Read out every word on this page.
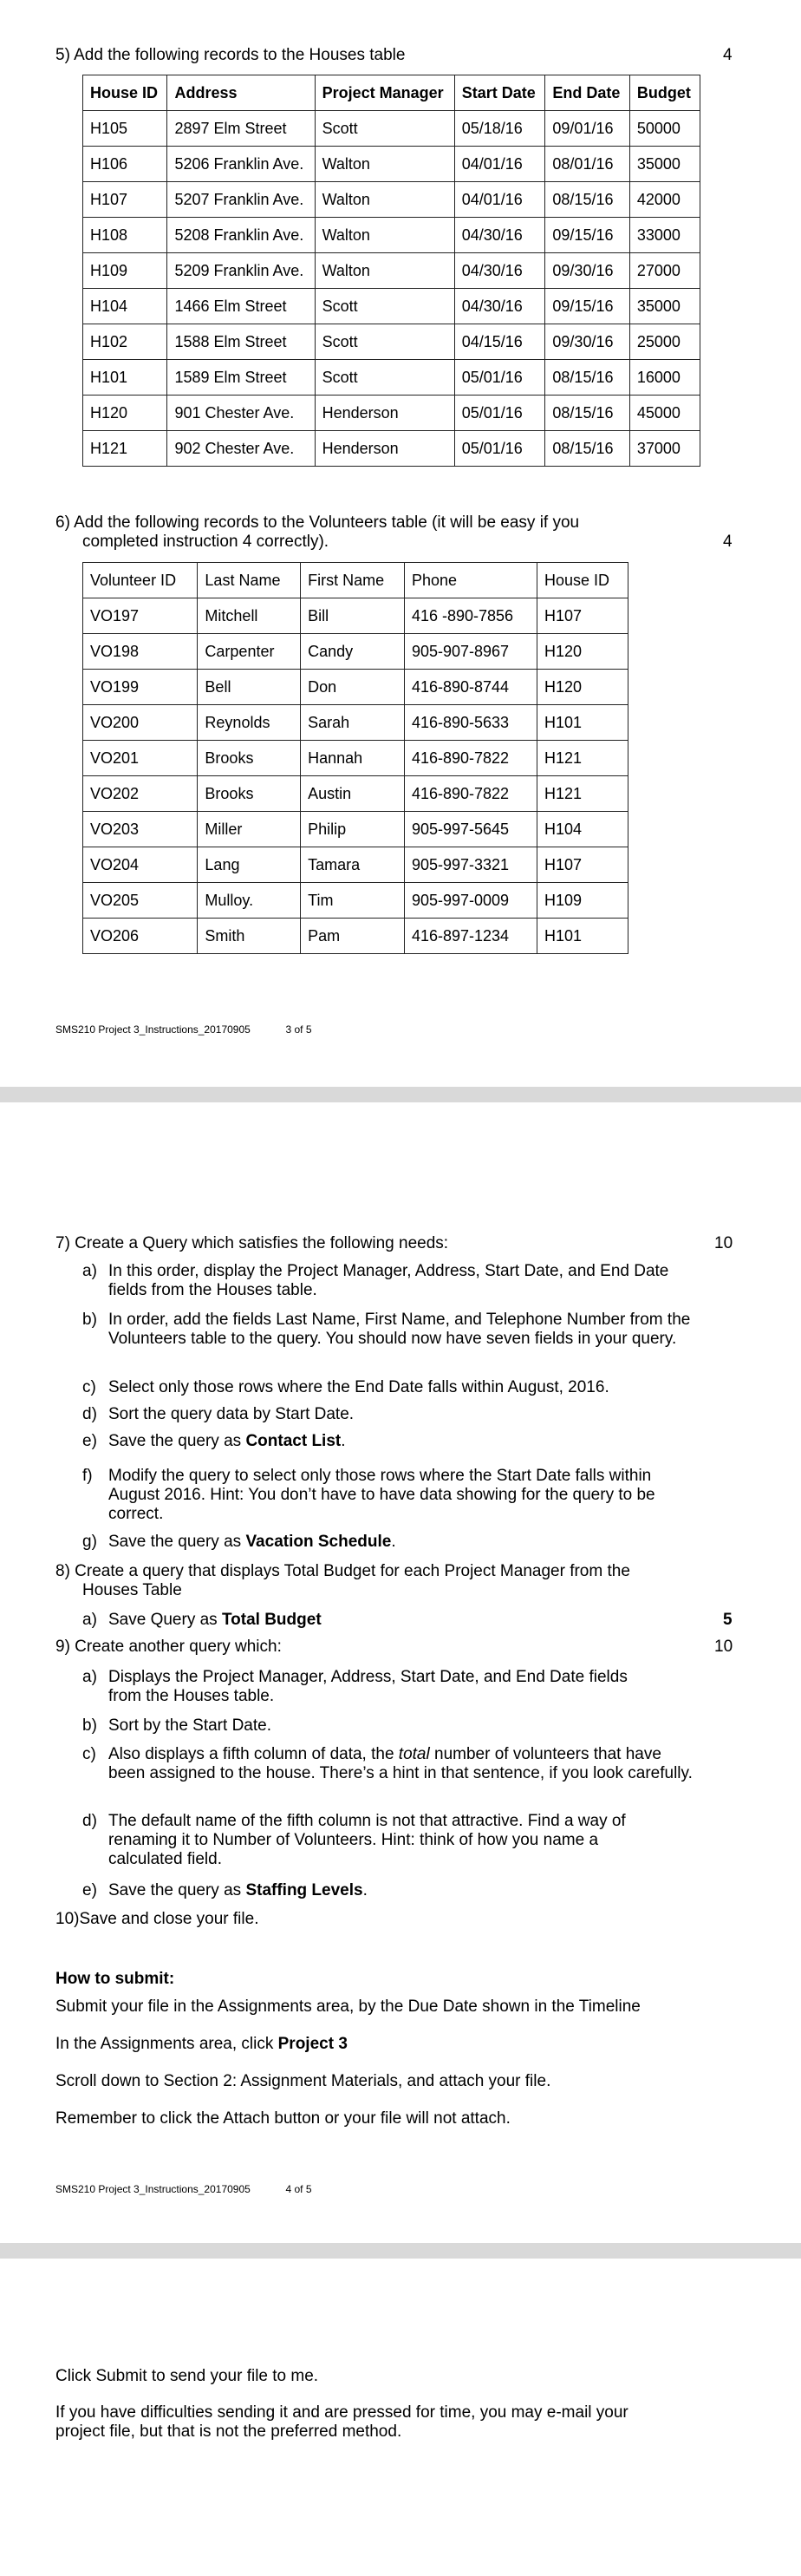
5) Add the following records to the Houses table	4
House ID	Address	Project Manager	Start Date	End Date	Budget
H105	2897 Elm Street	Scott	05/18/16	09/01/16	50000
H106	5206 Franklin Ave.	Walton	04/01/16	08/01/16	35000
H107	5207 Franklin Ave.	Walton	04/01/16	08/15/16	42000
H108	5208 Franklin Ave.	Walton	04/30/16	09/15/16	33000
H109	5209 Franklin Ave.	Walton	04/30/16	09/30/16	27000
H104	1466 Elm Street	Scott	04/30/16	09/15/16	35000
H102	1588 Elm Street	Scott	04/15/16	09/30/16	25000
H101	1589 Elm Street	Scott	05/01/16	08/15/16	16000
H120	901 Chester Ave.	Henderson	05/01/16	08/15/16	45000
H121	902 Chester Ave.	Henderson	05/01/16	08/15/16	37000
6) Add the following records to the Volunteers table (it will be easy if you
completed instruction 4 correctly).	4
Volunteer ID	Last Name	First Name	Phone	House ID
VO197	Mitchell	Bill	416 -890-7856	H107
VO198	Carpenter	Candy	905-907-8967	H120
VO199	Bell	Don	416-890-8744	H120
VO200	Reynolds	Sarah	416-890-5633	H101
VO201	Brooks	Hannah	416-890-7822	H121
VO202	Brooks	Austin	416-890-7822	H121
VO203	Miller	Philip	905-997-5645	H104
VO204	Lang	Tamara	905-997-3321	H107
VO205	Mulloy.	Tim	905-997-0009	H109
VO206	Smith	Pam	416-897-1234	H101
SMS210 Project 3_Instructions_20170905	3 of 5
7) Create a Query which satisfies the following needs:	10
a) In this order, display the Project Manager, Address, Start Date, and End Date fields from the Houses table.
b) In order, add the fields Last Name, First Name, and Telephone Number from the Volunteers table to the query. You should now have seven fields in your query.
c) Select only those rows where the End Date falls within August, 2016.
d) Sort the query data by Start Date.
e) Save the query as Contact List.
f) Modify the query to select only those rows where the Start Date falls within August 2016. Hint: You don’t have to have data showing for the query to be correct.
g) Save the query as Vacation Schedule.
8) Create a query that displays Total Budget for each Project Manager from the
Houses Table
a) Save Query as Total Budget	5
9) Create another query which:	10
a) Displays the Project Manager, Address, Start Date, and End Date fields from the Houses table.
b) Sort by the Start Date.
c) Also displays a fifth column of data, the total number of volunteers that have been assigned to the house. There’s a hint in that sentence, if you look carefully.
d) The default name of the fifth column is not that attractive. Find a way of renaming it to Number of Volunteers. Hint: think of how you name a calculated field.
e) Save the query as Staffing Levels.
10)Save and close your file.
How to submit:
Submit your file in the Assignments area, by the Due Date shown in the Timeline
In the Assignments area, click Project 3
Scroll down to Section 2: Assignment Materials, and attach your file.
Remember to click the Attach button or your file will not attach.
SMS210 Project 3_Instructions_20170905	4 of 5
Click Submit to send your file to me.
If you have difficulties sending it and are pressed for time, you may e-mail your project file, but that is not the preferred method.
